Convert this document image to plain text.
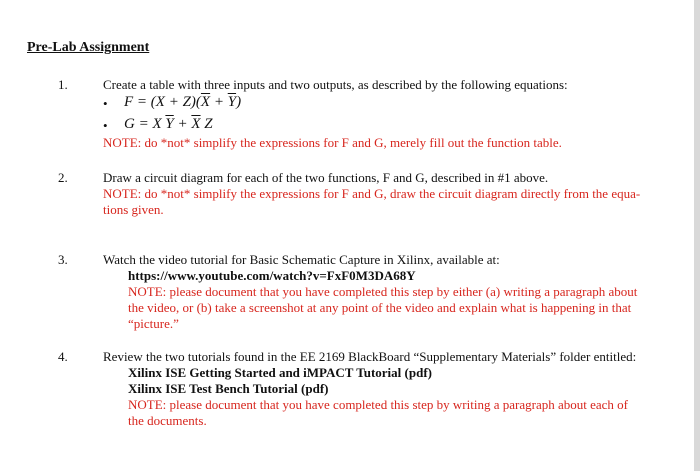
Pre-Lab Assignment
1.	Create a table with three inputs and two outputs, as described by the following equations:
• $F = (X + Z)(\overline{X} + \overline{Y})$
• G = X $\overline{Y} + \overline{X}$ Z
NOTE: do *not* simplify the expressions for F and G, merely fill out the function table.
2.	Draw a circuit diagram for each of the two functions, F and G, described in #1 above.
NOTE: do *not* simplify the expressions for F and G, draw the circuit diagram directly from the equa-
tions given.
3.	Watch the video tutorial for Basic Schematic Capture in Xilinx, available at:
https://www.youtube.com/watch?v=FxF0M3DA68Y
NOTE: please document that you have completed this step by either (a) writing a paragraph about
the video, or (b) take a screenshot at any point of the video and explain what is happening in that
“picture.”
4.	Review the two tutorials found in the EE 2169 BlackBoard “Supplementary Materials” folder entitled:
Xilinx ISE Getting Started and iMPACT Tutorial (pdf)
Xilinx ISE Test Bench Tutorial (pdf)
NOTE: please document that you have completed this step by writing a paragraph about each of
the documents.
